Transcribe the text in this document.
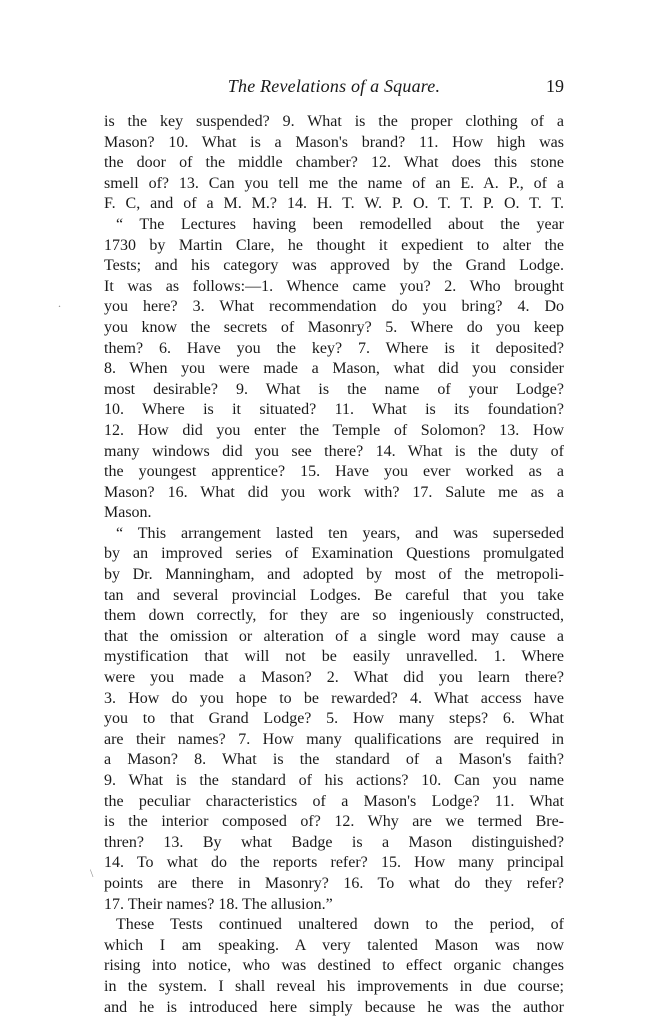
The Revelations of a Square.	19
is the key suspended? 9. What is the proper clothing of a
Mason? 10. What is a Mason's brand? 11. How high was
the door of the middle chamber? 12. What does this stone
smell of? 13. Can you tell me the name of an E. A. P., of a
F. C, and of a M. M.? 14. H. T. W. P. O. T. T. P. O. T. T.
“ The Lectures having been remodelled about the year
1730 by Martin Clare, he thought it expedient to alter the
Tests; and his category was approved by the Grand Lodge.
It was as follows:—1. Whence came you? 2. Who brought
you here? 3. What recommendation do you bring? 4. Do
you know the secrets of Masonry? 5. Where do you keep
them? 6. Have you the key? 7. Where is it deposited?
8. When you were made a Mason, what did you consider
most desirable? 9. What is the name of your Lodge?
10. Where is it situated? 11. What is its foundation?
12. How did you enter the Temple of Solomon? 13. How
many windows did you see there? 14. What is the duty of
the youngest apprentice? 15. Have you ever worked as a
Mason? 16. What did you work with? 17. Salute me as a
Mason.
“ This arrangement lasted ten years, and was superseded
by an improved series of Examination Questions promulgated
by Dr. Manningham, and adopted by most of the metropoli-
tan and several provincial Lodges. Be careful that you take
them down correctly, for they are so ingeniously constructed,
that the omission or alteration of a single word may cause a
mystification that will not be easily unravelled. 1. Where
were you made a Mason? 2. What did you learn there?
3. How do you hope to be rewarded? 4. What access have
you to that Grand Lodge? 5. How many steps? 6. What
are their names? 7. How many qualifications are required in
a Mason? 8. What is the standard of a Mason's faith?
9. What is the standard of his actions? 10. Can you name
the peculiar characteristics of a Mason's Lodge? 11. What
is the interior composed of? 12. Why are we termed Bre-
thren? 13. By what Badge is a Mason distinguished?
14. To what do the reports refer? 15. How many principal
points are there in Masonry? 16. To what do they refer?
17. Their names? 18. The allusion.”
These Tests continued unaltered down to the period, of
which I am speaking. A very talented Mason was now
rising into notice, who was destined to effect organic changes
in the system. I shall reveal his improvements in due course;
and he is introduced here simply because he was the author
.
\
